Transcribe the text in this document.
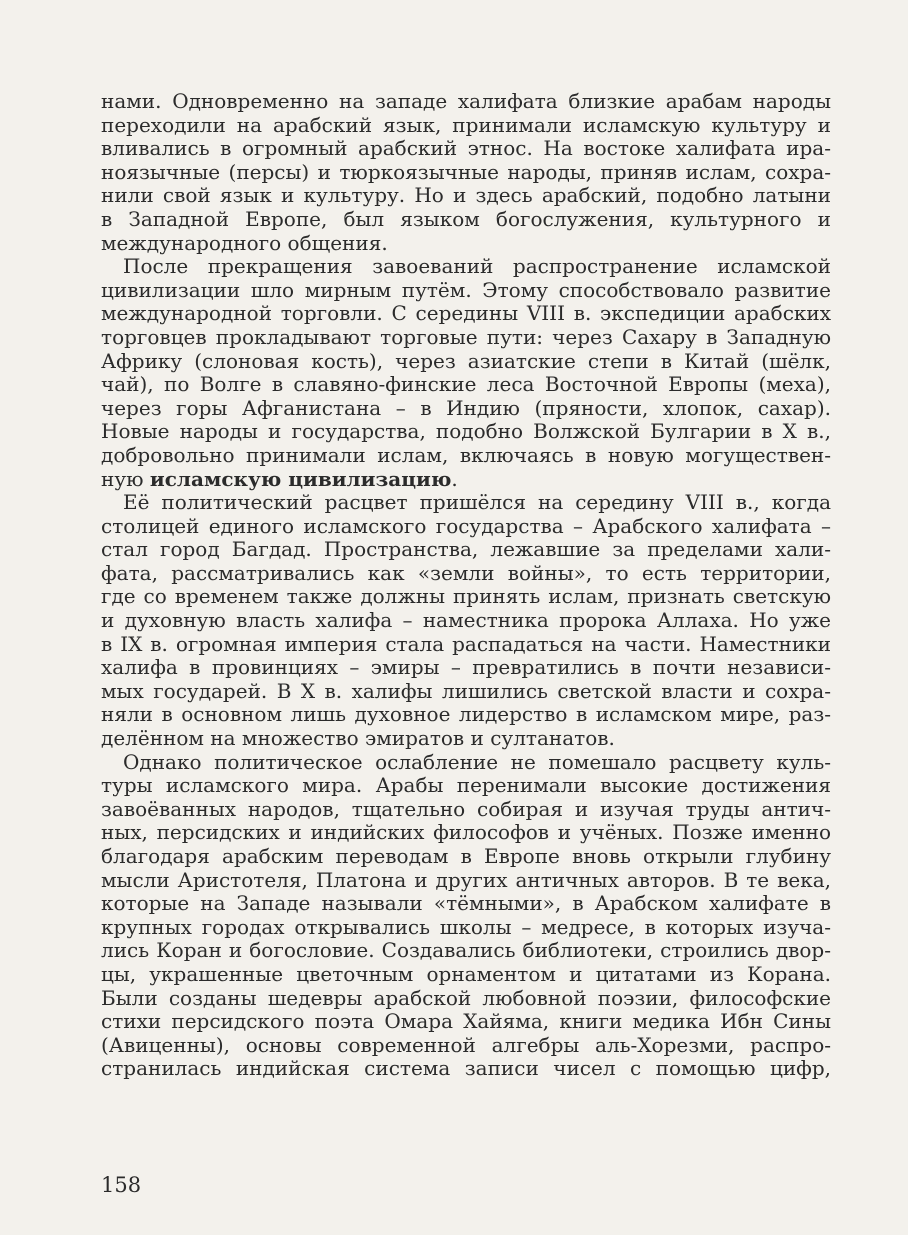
нами. Одновременно на западе халифата близкие арабам народы
переходили на арабский язык, принимали исламскую культуру и
вливались в огромный арабский этнос. На востоке халифата ира-
ноязычные (персы) и тюркоязычные народы, приняв ислам, сохра-
нили свой язык и культуру. Но и здесь арабский, подобно латыни
в Западной Европе, был языком богослужения, культурного и
международного общения.

После прекращения завоеваний распространение исламской
цивилизации шло мирным путём. Этому способствовало развитие
международной торговли. С середины VIII в. экспедиции арабских
торговцев прокладывают торговые пути: через Сахару в Западную
Африку (слоновая кость), через азиатские степи в Китай (шёлк,
чай), по Волге в славяно-финские леса Восточной Европы (меха),
через горы Афганистана – в Индию (пряности, хлопок, сахар).
Новые народы и государства, подобно Волжской Булгарии в X в.,
добровольно принимали ислам, включаясь в новую могуществен-
ную исламскую цивилизацию.

Её политический расцвет пришёлся на середину VIII в., когда
столицей единого исламского государства – Арабского халифата –
стал город Багдад. Пространства, лежавшие за пределами хали-
фата, рассматривались как «земли войны», то есть территории,
где со временем также должны принять ислам, признать светскую
и духовную власть халифа – наместника пророка Аллаха. Но уже
в IX в. огромная империя стала распадаться на части. Наместники
халифа в провинциях – эмиры – превратились в почти независи-
мых государей. В X в. халифы лишились светской власти и сохра-
няли в основном лишь духовное лидерство в исламском мире, раз-
делённом на множество эмиратов и султанатов.

Однако политическое ослабление не помешало расцвету куль-
туры исламского мира. Арабы перенимали высокие достижения
завоёванных народов, тщательно собирая и изучая труды антич-
ных, персидских и индийских философов и учёных. Позже именно
благодаря арабским переводам в Европе вновь открыли глубину
мысли Аристотеля, Платона и других античных авторов. В те века,
которые на Западе называли «тёмными», в Арабском халифате в
крупных городах открывались школы – медресе, в которых изуча-
лись Коран и богословие. Создавались библиотеки, строились двор-
цы, украшенные цветочным орнаментом и цитатами из Корана.
Были созданы шедевры арабской любовной поэзии, философские
стихи персидского поэта Омара Хайяма, книги медика Ибн Сины
(Авиценны), основы современной алгебры аль-Хорезми, распро-
странилась индийская система записи чисел с помощью цифр,

158
